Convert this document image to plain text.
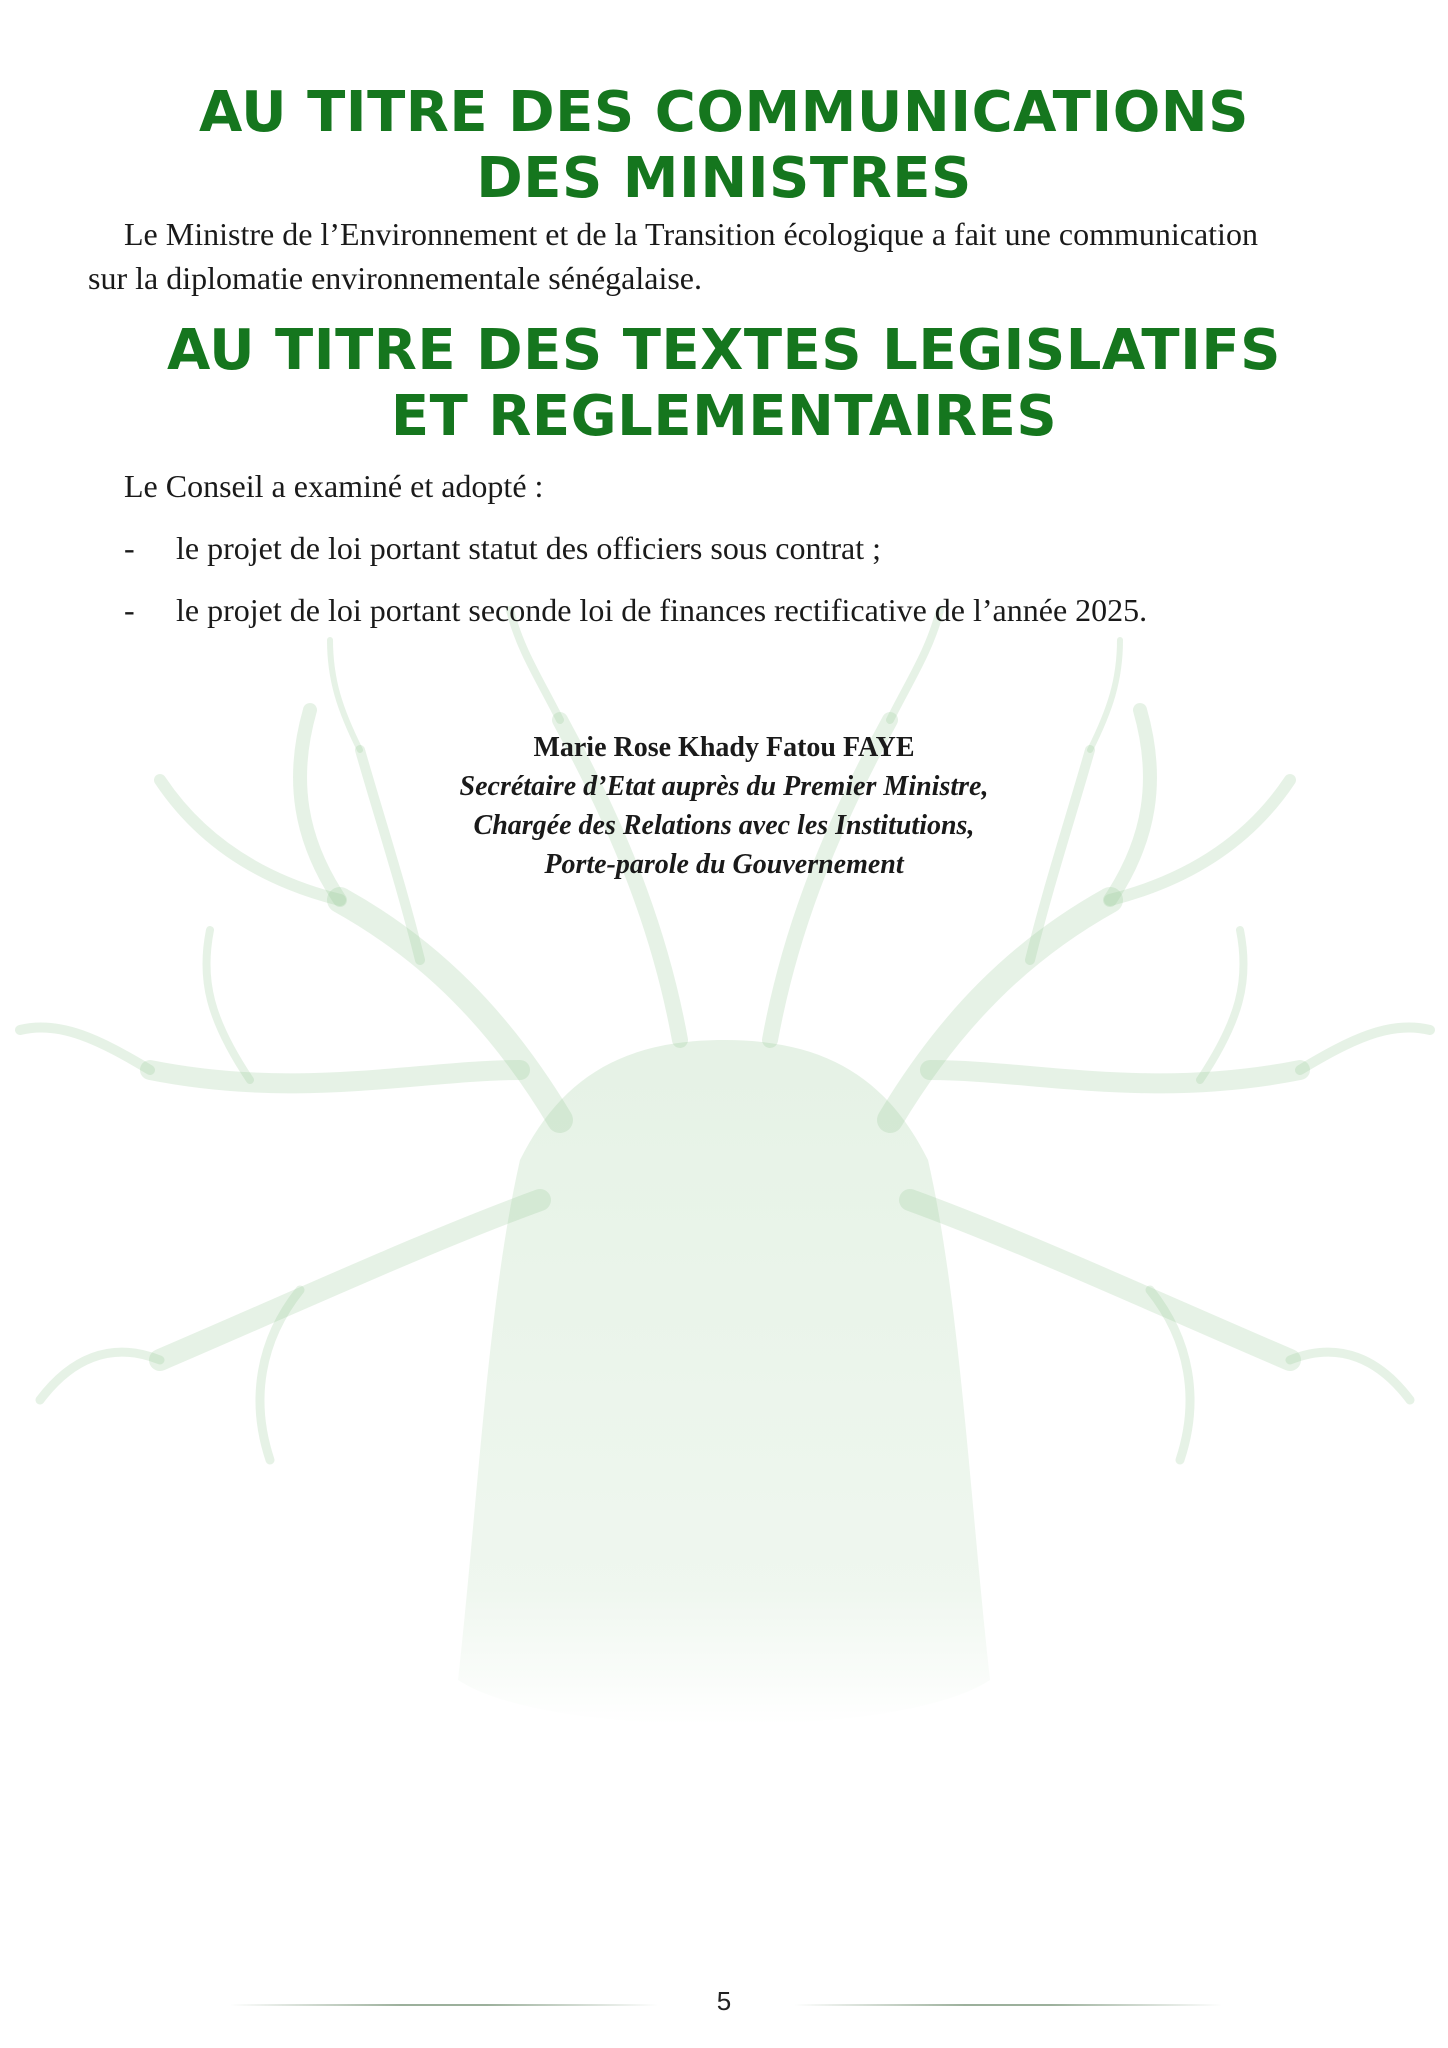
AU TITRE DES COMMUNICATIONS
DES MINISTRES

Le Ministre de l’Environnement et de la Transition écologique a fait une communication
sur la diplomatie environnementale sénégalaise.

AU TITRE DES TEXTES LEGISLATIFS
ET REGLEMENTAIRES

Le Conseil a examiné et adopté :

- le projet de loi portant statut des officiers sous contrat ;
- le projet de loi portant seconde loi de finances rectificative de l’année 2025.
Marie Rose Khady Fatou FAYE
Secrétaire d’Etat auprès du Premier Ministre,
Chargée des Relations avec les Institutions,
Porte-parole du Gouvernement
5
